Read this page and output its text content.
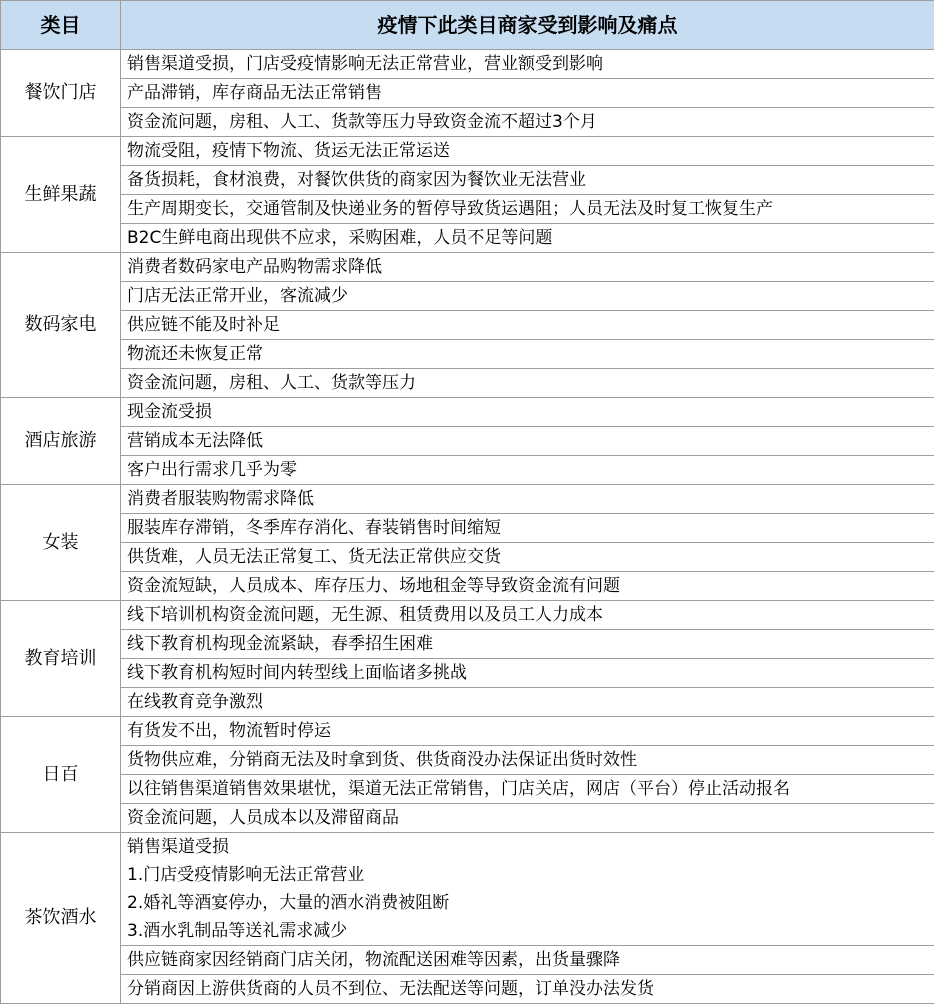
类目	疫情下此类目商家受到影响及痛点
餐饮门店	销售渠道受损，门店受疫情影响无法正常营业，营业额受到影响
	产品滞销，库存商品无法正常销售
	资金流问题，房租、人工、货款等压力导致资金流不超过3个月
生鲜果蔬	物流受阻，疫情下物流、货运无法正常运送
	备货损耗，食材浪费，对餐饮供货的商家因为餐饮业无法营业
	生产周期变长，交通管制及快递业务的暂停导致货运遇阻；人员无法及时复工恢复生产
	B2C生鲜电商出现供不应求，采购困难，人员不足等问题
数码家电	消费者数码家电产品购物需求降低
	门店无法正常开业，客流减少
	供应链不能及时补足
	物流还未恢复正常
	资金流问题，房租、人工、货款等压力
酒店旅游	现金流受损
	营销成本无法降低
	客户出行需求几乎为零
女装	消费者服装购物需求降低
	服装库存滞销，冬季库存消化、春装销售时间缩短
	供货难，人员无法正常复工、货无法正常供应交货
	资金流短缺，人员成本、库存压力、场地租金等导致资金流有问题
教育培训	线下培训机构资金流问题，无生源、租赁费用以及员工人力成本
	线下教育机构现金流紧缺，春季招生困难
	线下教育机构短时间内转型线上面临诸多挑战
	在线教育竞争激烈
日百	有货发不出，物流暂时停运
	货物供应难，分销商无法及时拿到货、供货商没办法保证出货时效性
	以往销售渠道销售效果堪忧，渠道无法正常销售，门店关店，网店（平台）停止活动报名
	资金流问题，人员成本以及滞留商品
茶饮酒水	销售渠道受损
1.门店受疫情影响无法正常营业
2.婚礼等酒宴停办，大量的酒水消费被阻断
3.酒水乳制品等送礼需求减少

	供应链商家因经销商门店关闭，物流配送困难等因素，出货量骤降
	分销商因上游供货商的人员不到位、无法配送等问题，订单没办法发货
